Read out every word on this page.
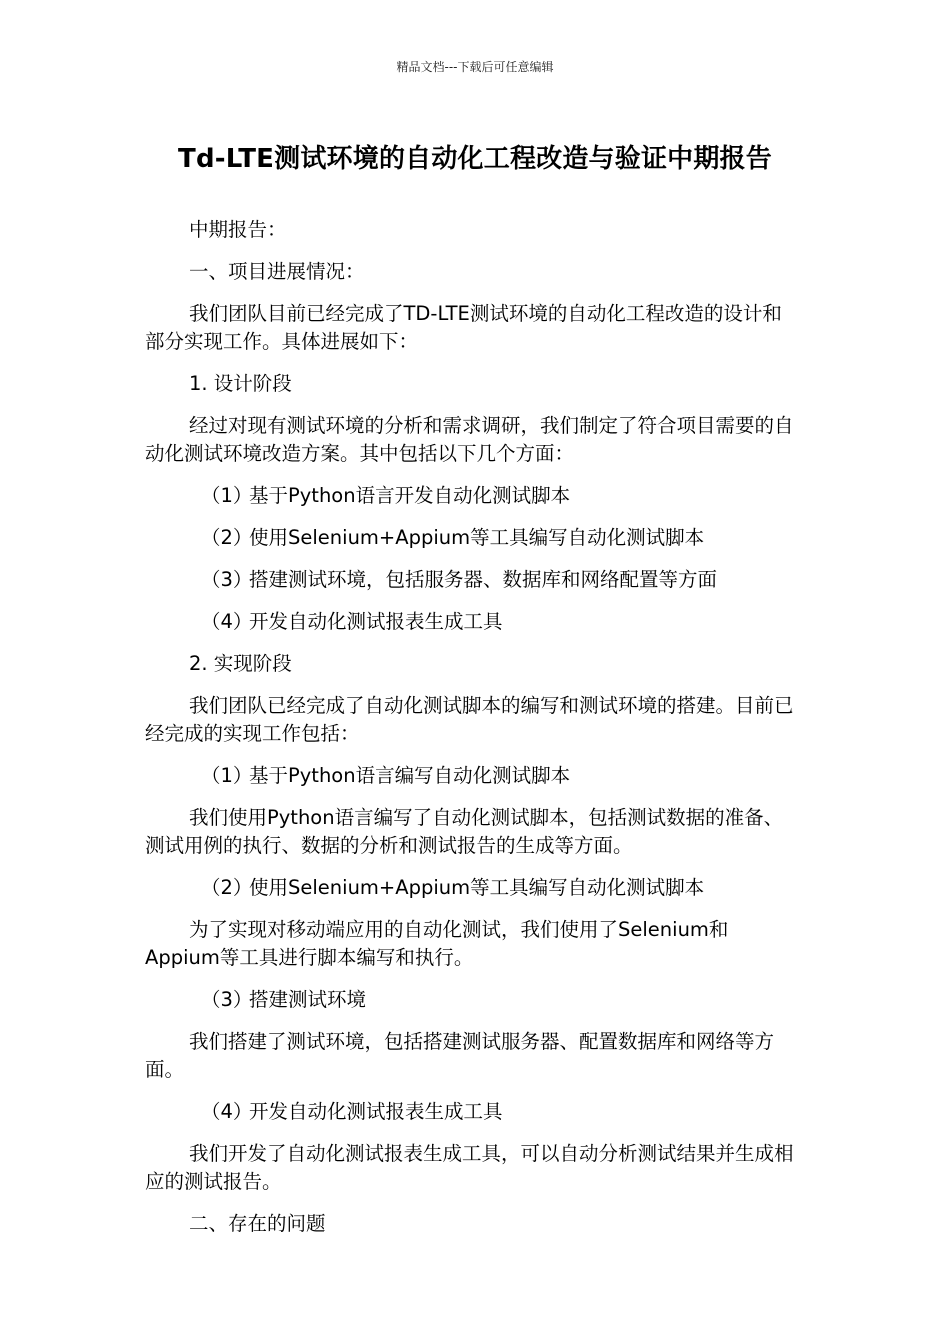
精品文档---下载后可任意编辑
Td-LTE测试环境的自动化工程改造与验证中期报告
中期报告：
一、项目进展情况：
我们团队目前已经完成了TD-LTE测试环境的自动化工程改造的设计和部分实现工作。具体进展如下：
1. 设计阶段
经过对现有测试环境的分析和需求调研，我们制定了符合项目需要的自动化测试环境改造方案。其中包括以下几个方面：
（1）基于Python语言开发自动化测试脚本
（2）使用Selenium+Appium等工具编写自动化测试脚本
（3）搭建测试环境，包括服务器、数据库和网络配置等方面
（4）开发自动化测试报表生成工具
2. 实现阶段
我们团队已经完成了自动化测试脚本的编写和测试环境的搭建。目前已经完成的实现工作包括：
（1）基于Python语言编写自动化测试脚本
我们使用Python语言编写了自动化测试脚本，包括测试数据的准备、测试用例的执行、数据的分析和测试报告的生成等方面。
（2）使用Selenium+Appium等工具编写自动化测试脚本
为了实现对移动端应用的自动化测试，我们使用了Selenium和Appium等工具进行脚本编写和执行。
（3）搭建测试环境
我们搭建了测试环境，包括搭建测试服务器、配置数据库和网络等方面。
（4）开发自动化测试报表生成工具
我们开发了自动化测试报表生成工具，可以自动分析测试结果并生成相应的测试报告。
二、存在的问题
